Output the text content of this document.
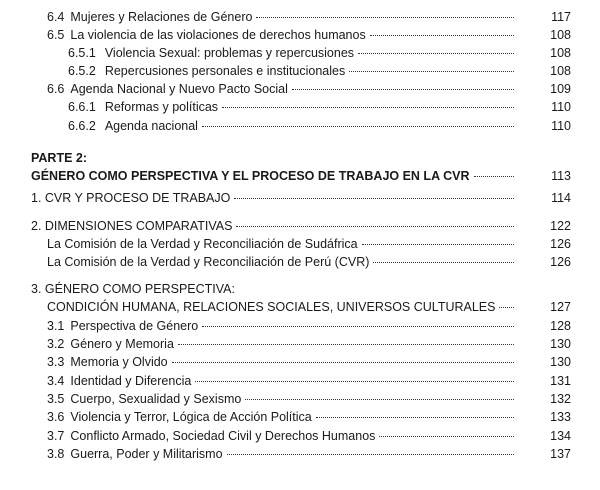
6.4 Mujeres y Relaciones de Género	117
6.5 La violencia de las violaciones de derechos humanos	108
6.5.1 Violencia Sexual: problemas y repercusiones	108
6.5.2 Repercusiones personales e institucionales	108
6.6 Agenda Nacional y Nuevo Pacto Social	109
6.6.1 Reformas y políticas	110
6.6.2 Agenda nacional	110
PARTE 2:
GÉNERO COMO PERSPECTIVA Y EL PROCESO DE TRABAJO EN LA CVR	113
1. CVR Y PROCESO DE TRABAJO	114
2. DIMENSIONES COMPARATIVAS	122
La Comisión de la Verdad y Reconciliación de Sudáfrica	126
La Comisión de la Verdad y Reconciliación de Perú (CVR)	126
3. GÉNERO COMO PERSPECTIVA:
CONDICIÓN HUMANA, RELACIONES SOCIALES, UNIVERSOS CULTURALES	127
3.1 Perspectiva de Género	128
3.2 Género y Memoria	130
3.3 Memoria y Olvido	130
3.4 Identidad y Diferencia	131
3.5 Cuerpo, Sexualidad y Sexismo	132
3.6 Violencia y Terror, Lógica de Acción Política	133
3.7 Conflicto Armado, Sociedad Civil y Derechos Humanos	134
3.8 Guerra, Poder y Militarismo	137
